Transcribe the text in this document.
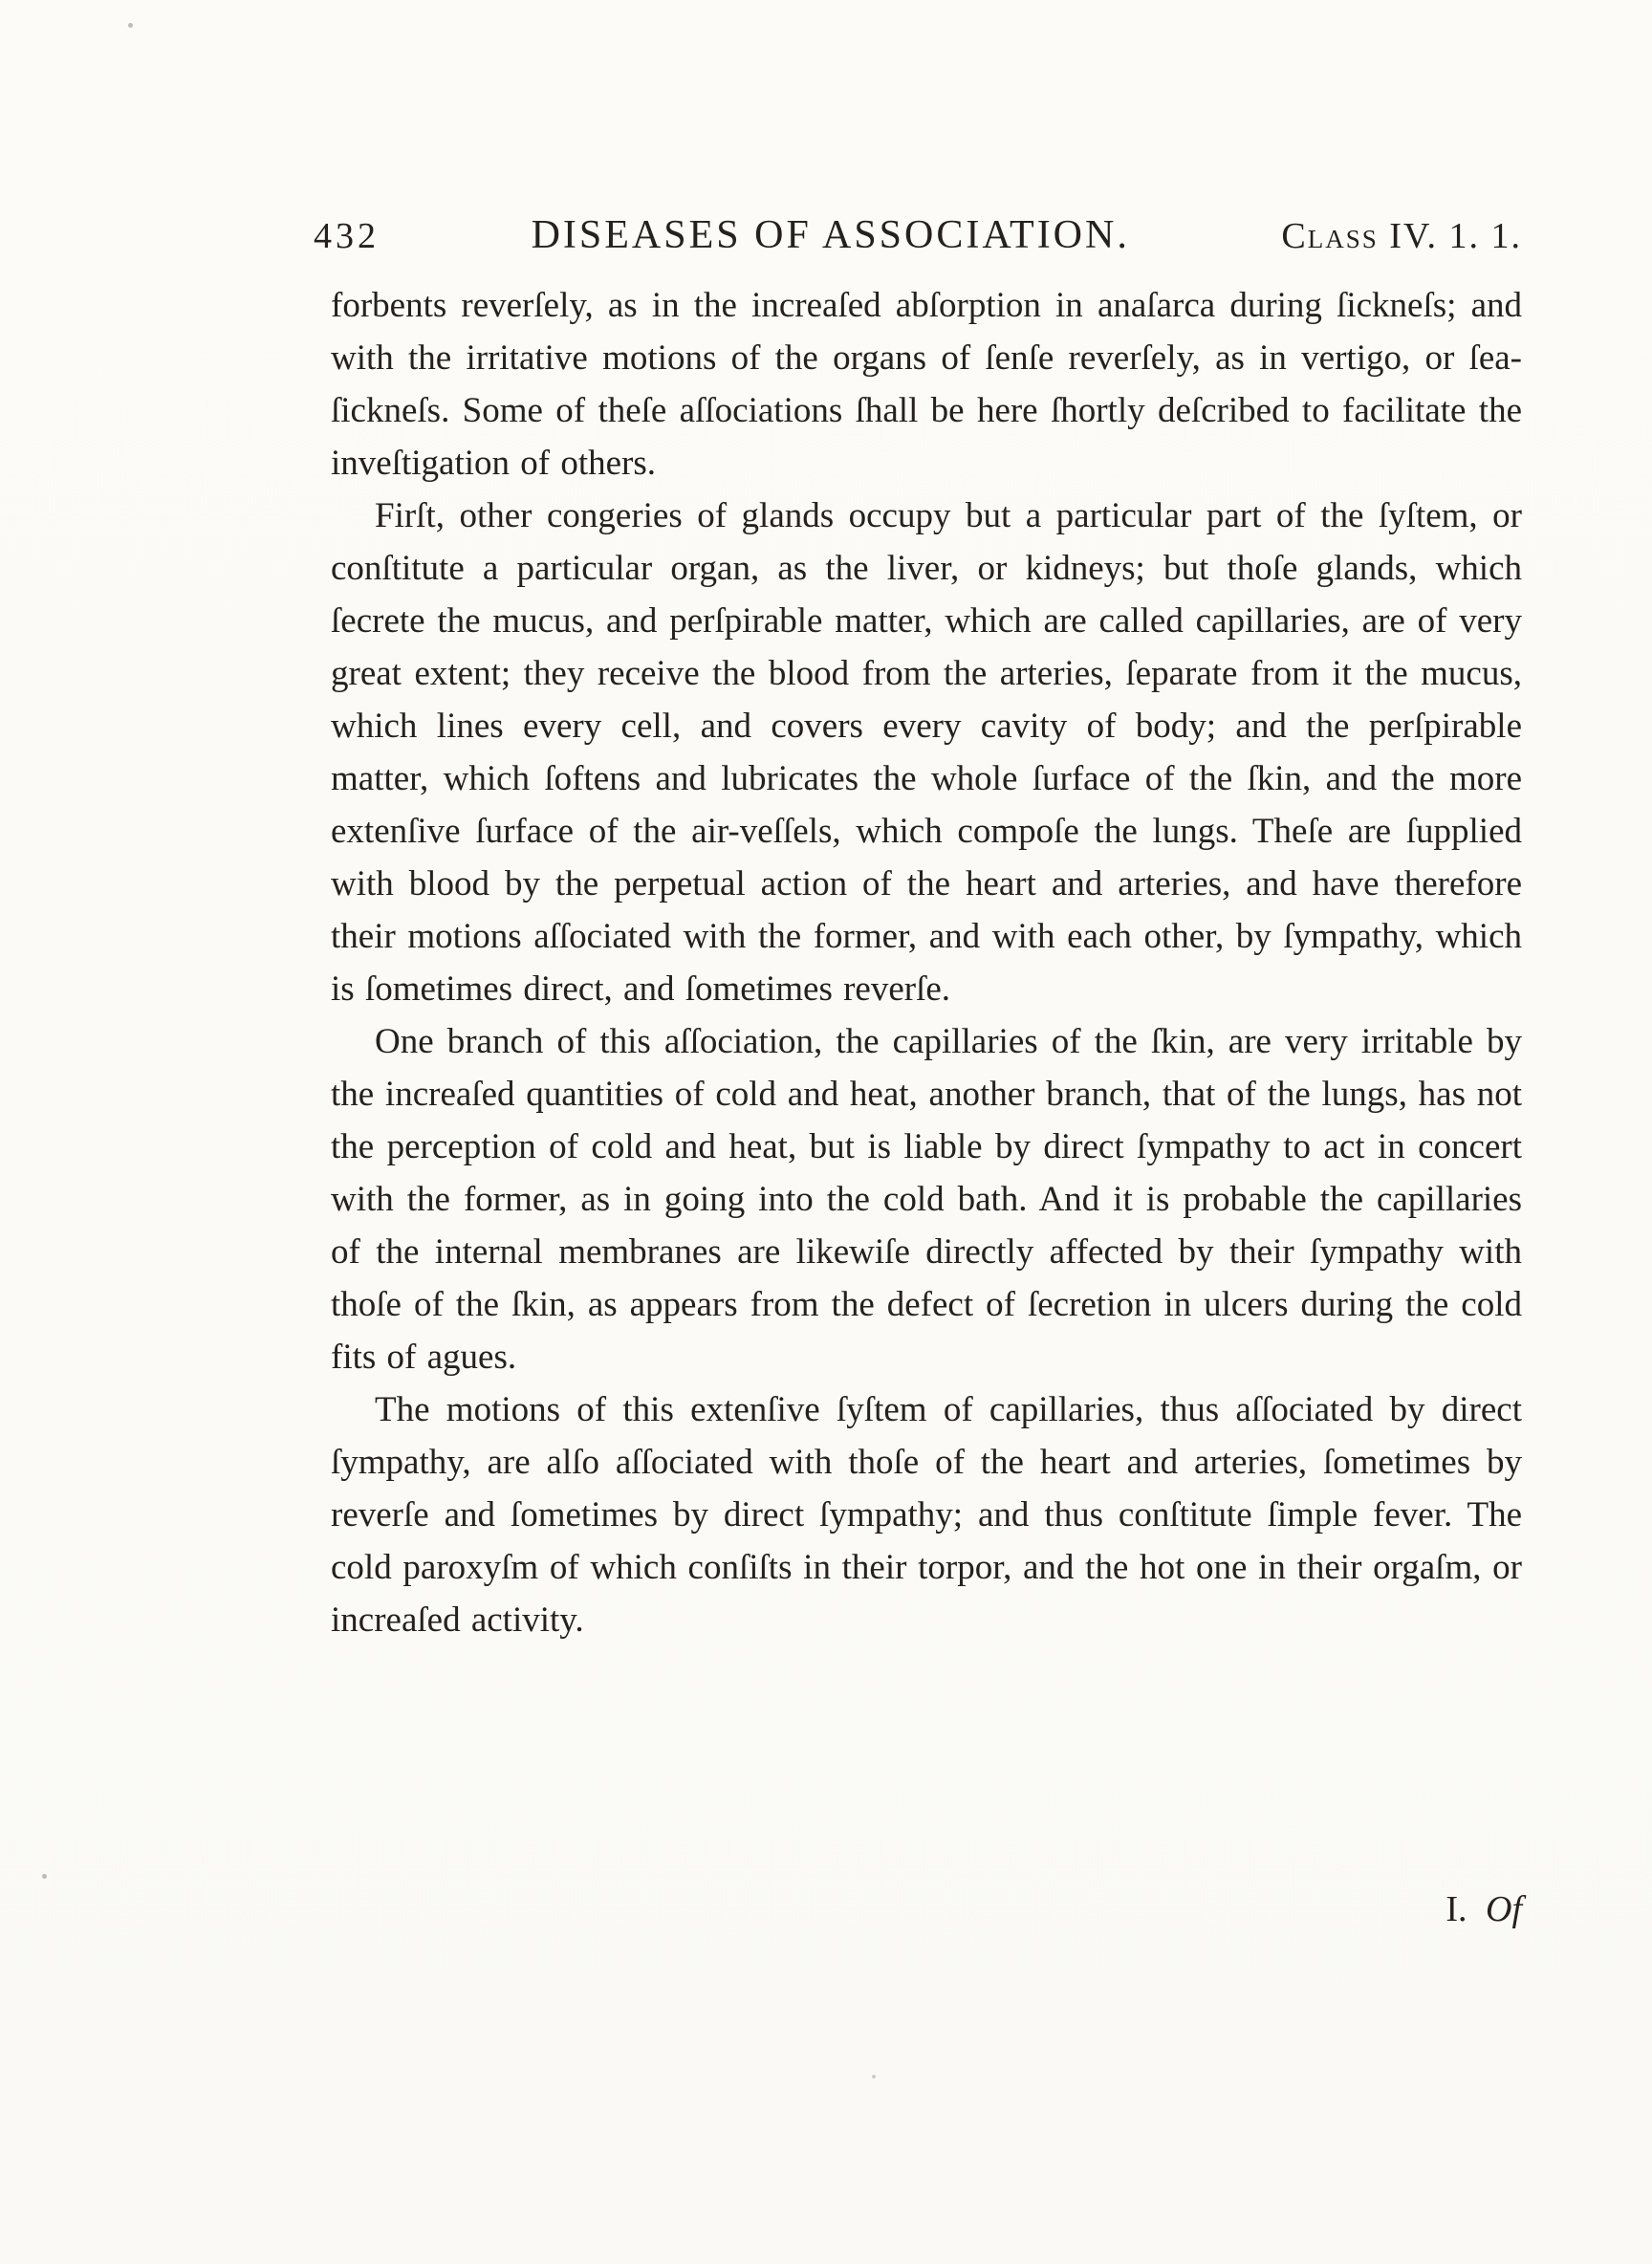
432	DISEASES OF ASSOCIATION.	Class IV. 1. 1.

forbents reverſely, as in the increaſed abſorption in anaſarca during ſickneſs; and with the irritative motions of the organs of ſenſe reverſely, as in vertigo, or ſea-ſickneſs. Some of theſe aſſociations ſhall be here ſhortly deſcribed to facilitate the inveſtigation of others.

Firſt, other congeries of glands occupy but a particular part of the ſyſtem, or conſtitute a particular organ, as the liver, or kidneys; but thoſe glands, which ſecrete the mucus, and perſpirable matter, which are called capillaries, are of very great extent; they receive the blood from the arteries, ſeparate from it the mucus, which lines every cell, and covers every cavity of body; and the perſpirable matter, which ſoftens and lubricates the whole ſurface of the ſkin, and the more extenſive ſurface of the air-veſſels, which compoſe the lungs. Theſe are ſupplied with blood by the perpetual action of the heart and arteries, and have therefore their motions aſſociated with the former, and with each other, by ſympathy, which is ſometimes direct, and ſometimes reverſe.

One branch of this aſſociation, the capillaries of the ſkin, are very irritable by the increaſed quantities of cold and heat, another branch, that of the lungs, has not the perception of cold and heat, but is liable by direct ſympathy to act in concert with the former, as in going into the cold bath. And it is probable the capillaries of the internal membranes are likewiſe directly affected by their ſympathy with thoſe of the ſkin, as appears from the defect of ſecretion in ulcers during the cold fits of agues.

The motions of this extenſive ſyſtem of capillaries, thus aſſociated by direct ſympathy, are alſo aſſociated with thoſe of the heart and arteries, ſometimes by reverſe and ſometimes by direct ſympathy; and thus conſtitute ſimple fever. The cold paroxyſm of which conſiſts in their torpor, and the hot one in their orgaſm, or increaſed activity.

I. Of
